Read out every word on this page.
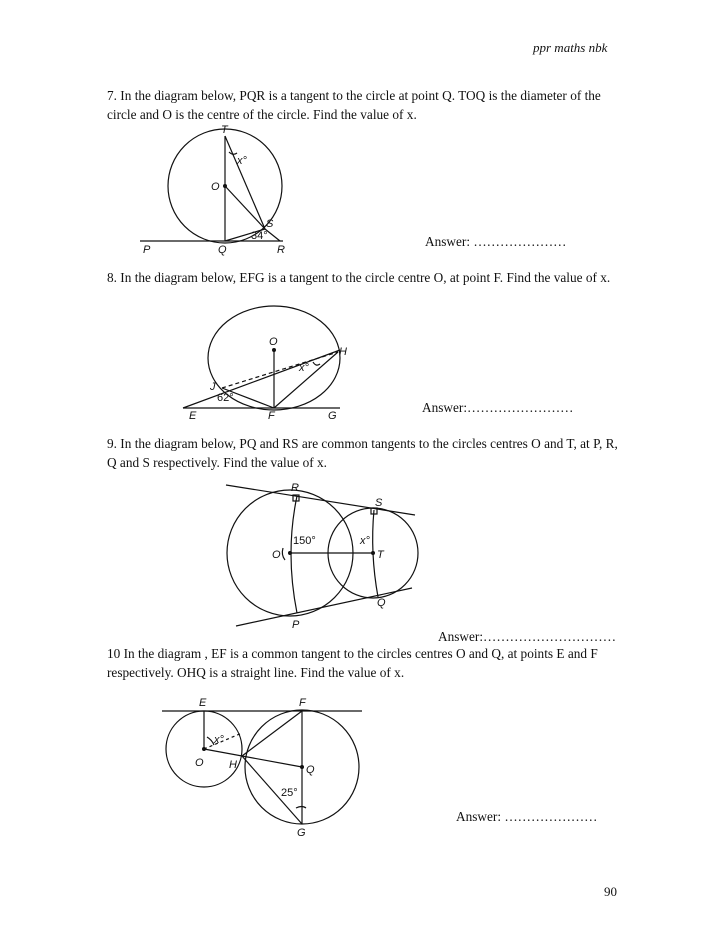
ppr maths nbk
7. In the diagram below, PQR is a tangent to the circle at point Q. TOQ is the diameter of the circle and O is the centre of the circle. Find the value of x.
T
O
P	Q	R
S
x°
34°	Answer: …………………
8. In the diagram below, EFG is a tangent to the circle centre O, at point F. Find the value of x.
O
H
J
E	F	G
x°
62°
Answer:……………………
9. In the diagram below, PQ and RS are common tangents to the circles centres O and T, at P, R, Q and S respectively. Find the value of x.
R
S
O	T
P
Q
x°
150°
Answer:…………………………
10 In the diagram , EF is a common tangent to the circles centres O and Q, at points E and F respectively. OHQ is a straight line. Find the value of x.
E	F
O H	Q
G
x°
25°
Answer: …………………
90
